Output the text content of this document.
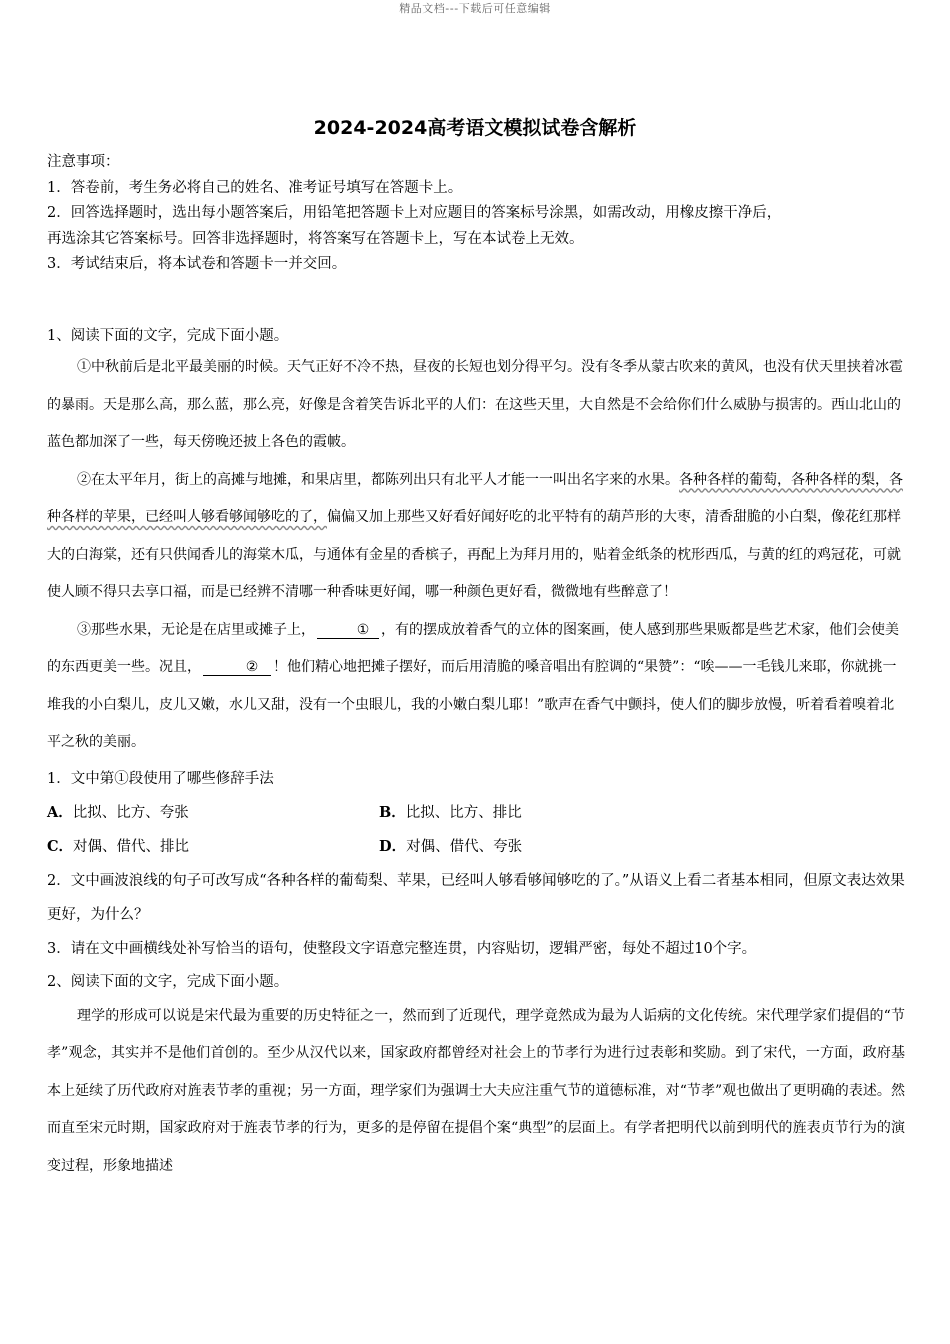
精品文档---下载后可任意编辑
2024-2024高考语文模拟试卷含解析
注意事项：
1．答卷前，考生务必将自己的姓名、准考证号填写在答题卡上。
2．回答选择题时，选出每小题答案后，用铅笔把答题卡上对应题目的答案标号涂黑，如需改动，用橡皮擦干净后，
再选涂其它答案标号。回答非选择题时，将答案写在答题卡上，写在本试卷上无效。
3．考试结束后，将本试卷和答题卡一并交回。
1、阅读下面的文字，完成下面小题。

①中秋前后是北平最美丽的时候。天气正好不冷不热，昼夜的长短也划分得平匀。没有冬季从蒙古吹来的黄风，也没有伏天里挟着冰雹的暴雨。天是那么高，那么蓝，那么亮，好像是含着笑告诉北平的人们：在这些天里，大自然是不会给你们什么威胁与损害的。西山北山的蓝色都加深了一些，每天傍晚还披上各色的霞帔。

②在太平年月，街上的高摊与地摊，和果店里，都陈列出只有北平人才能一一叫出名字来的水果。各种各样的葡萄，各种各样的梨，各种各样的苹果，已经叫人够看够闻够吃的了，偏偏又加上那些又好看好闻好吃的北平特有的葫芦形的大枣，清香甜脆的小白梨，像花红那样大的白海棠，还有只供闻香儿的海棠木瓜，与通体有金星的香槟子，再配上为拜月用的，贴着金纸条的枕形西瓜，与黄的红的鸡冠花，可就使人顾不得只去享口福，而是已经辨不清哪一种香味更好闻，哪一种颜色更好看，微微地有些醉意了！

③那些水果，无论是在店里或摊子上，	① ，有的摆成放着香气的立体的图案画，使人感到那些果贩都是些艺术家，他们会使美的东西更美一些。况且，	② ！他们精心地把摊子摆好，而后用清脆的嗓音唱出有腔调的“果赞”：“唉——一毛钱儿来耶，你就挑一堆我的小白梨儿，皮儿又嫩，水儿又甜，没有一个虫眼儿，我的小嫩白梨儿耶！”歌声在香气中颤抖，使人们的脚步放慢，听着看着嗅着北平之秋的美丽。

1．文中第①段使用了哪些修辞手法

A．比拟、比方、夸张	B．比拟、比方、排比
C．对偶、借代、排比	D．对偶、借代、夸张

2．文中画波浪线的句子可改写成“各种各样的葡萄梨、苹果，已经叫人够看够闻够吃的了。”从语义上看二者基本相同，但原文表达效果更好，为什么？

3．请在文中画横线处补写恰当的语句，使整段文字语意完整连贯，内容贴切，逻辑严密，每处不超过10个字。

2、阅读下面的文字，完成下面小题。

理学的形成可以说是宋代最为重要的历史特征之一，然而到了近现代，理学竟然成为最为人诟病的文化传统。宋代理学家们提倡的“节孝”观念，其实并不是他们首创的。至少从汉代以来，国家政府都曾经对社会上的节孝行为进行过表彰和奖励。到了宋代，一方面，政府基本上延续了历代政府对旌表节孝的重视；另一方面，理学家们为强调士大夫应注重气节的道德标准，对“节孝”观也做出了更明确的表述。然而直至宋元时期，国家政府对于旌表节孝的行为，更多的是停留在提倡个案“典型”的层面上。有学者把明代以前到明代的旌表贞节行为的演变过程，形象地描述
